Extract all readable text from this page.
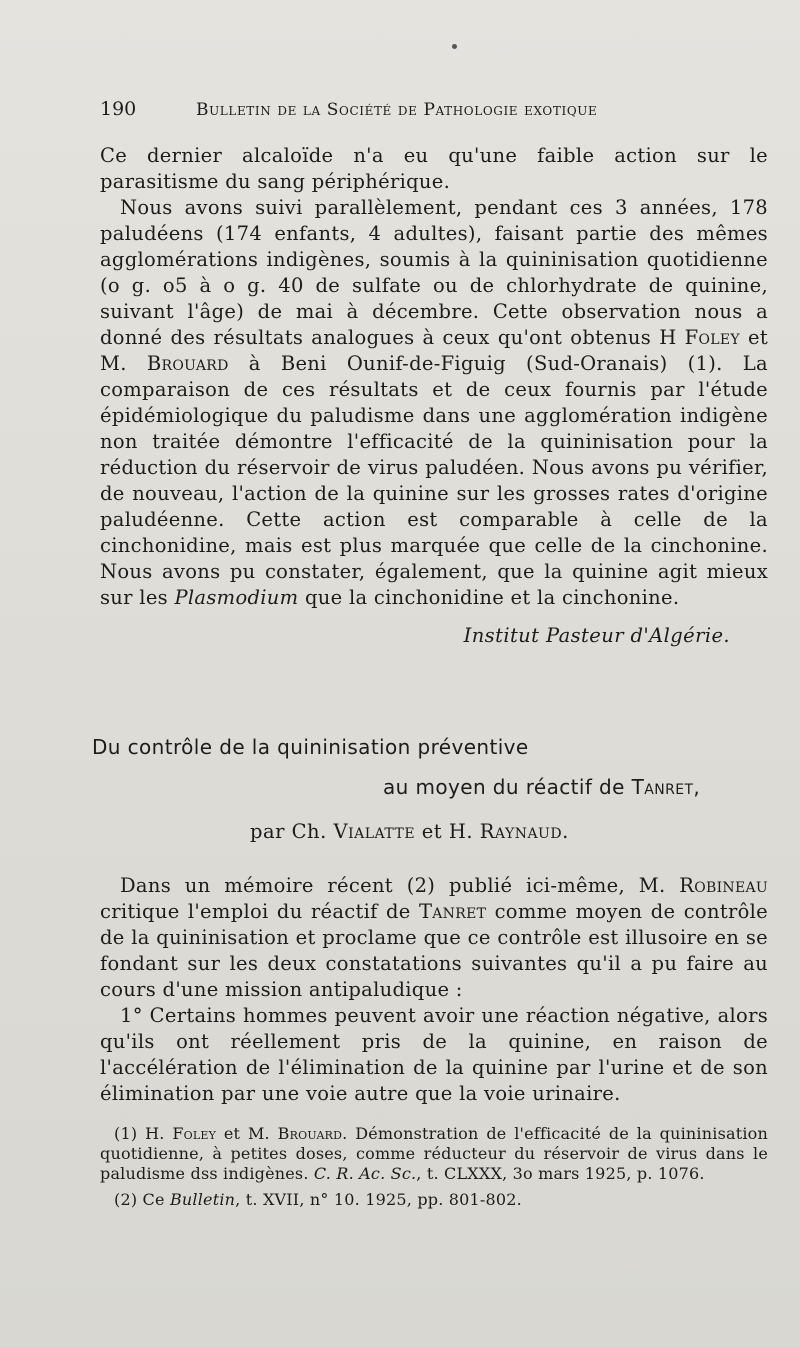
190	Bulletin de la Société de Pathologie exotique

Ce dernier alcaloïde n'a eu qu'une faible action sur le parasitisme du sang périphérique.

Nous avons suivi parallèlement, pendant ces 3 années, 178 paludéens (174 enfants, 4 adultes), faisant partie des mêmes agglomérations indigènes, soumis à la quininisation quotidienne (o g. o5 à o g. 40 de sulfate ou de chlorhydrate de quinine, suivant l'âge) de mai à décembre. Cette observation nous a donné des résultats analogues à ceux qu'ont obtenus H Foley et M. Brouard à Beni Ounif-de-Figuig (Sud-Oranais) (1). La comparaison de ces résultats et de ceux fournis par l'étude épidémiologique du paludisme dans une agglomération indigène non traitée démontre l'efficacité de la quininisation pour la réduction du réservoir de virus paludéen. Nous avons pu vérifier, de nouveau, l'action de la quinine sur les grosses rates d'origine paludéenne. Cette action est comparable à celle de la cinchonidine, mais est plus marquée que celle de la cinchonine. Nous avons pu constater, également, que la quinine agit mieux sur les Plasmodium que la cinchonidine et la cinchonine.

Institut Pasteur d'Algérie.
Du contrôle de la quininisation préventive
au moyen du réactif de Tanret,
par Ch. Vialatte et H. Raynaud.

Dans un mémoire récent (2) publié ici-même, M. Robineau critique l'emploi du réactif de Tanret comme moyen de contrôle de la quininisation et proclame que ce contrôle est illusoire en se fondant sur les deux constatations suivantes qu'il a pu faire au cours d'une mission antipaludique :

1° Certains hommes peuvent avoir une réaction négative, alors qu'ils ont réellement pris de la quinine, en raison de l'accélération de l'élimination de la quinine par l'urine et de son élimination par une voie autre que la voie urinaire.

(1) H. Foley et M. Brouard. Démonstration de l'efficacité de la quininisation quotidienne, à petites doses, comme réducteur du réservoir de virus dans le paludisme dss indigènes. C. R. Ac. Sc., t. CLXXX, 3o mars 1925, p. 1076.

(2) Ce Bulletin, t. XVII, n° 10. 1925, pp. 801-802.
